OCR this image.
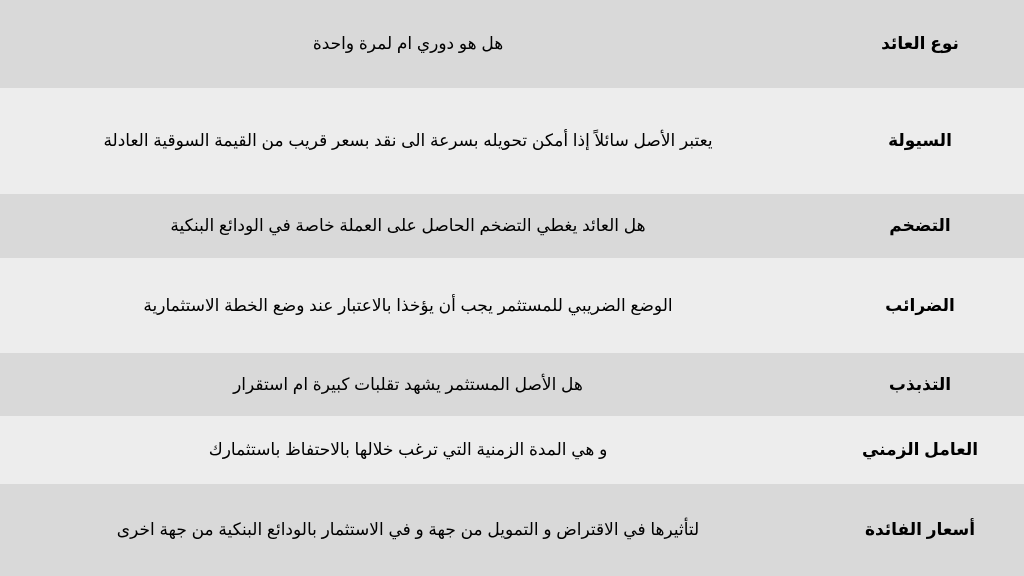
نوع العائد
هل هو دوري ام لمرة واحدة
السيولة
يعتبر الأصل سائلاً إذا أمكن تحويله بسرعة الى نقد بسعر قريب من القيمة السوقية العادلة
التضخم
هل العائد يغطي التضخم الحاصل على العملة خاصة في الودائع البنكية
الضرائب
الوضع الضريبي للمستثمر يجب أن يؤخذا بالاعتبار عند وضع الخطة الاستثمارية
التذبذب
هل الأصل المستثمر يشهد تقلبات كبيرة ام استقرار
العامل الزمني
و هي المدة الزمنية التي ترغب خلالها بالاحتفاظ باستثمارك
أسعار الفائدة
لتأثيرها في الاقتراض و التمويل من جهة و في الاستثمار بالودائع البنكية من جهة اخرى
